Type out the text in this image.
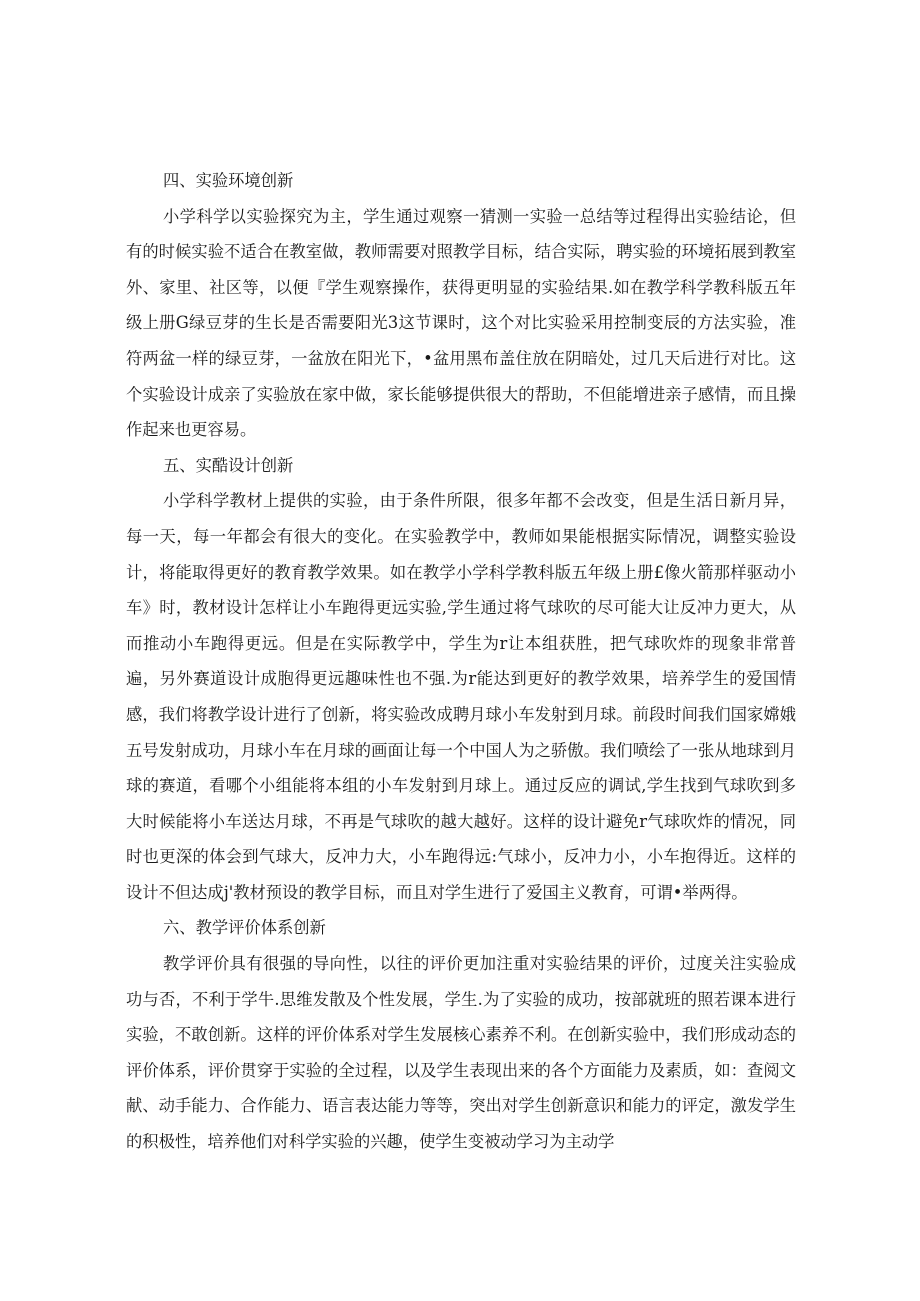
四、实验环境创新

小学科学以实验探究为主，学生通过观察一猜测一实验一总结等过程得出实验结论，但有的时候实验不适合在教室做，教师需要对照教学目标，结合实际，聘实验的环境拓展到教室外、家里、社区等，以便『学生观察操作，获得更明显的实验结果.如在教学科学教科版五年级上册G绿豆芽的生长是否需要阳光3这节课时，这个对比实验采用控制变辰的方法实验，准符两盆一样的绿豆芽，一盆放在阳光下，•盆用黑布盖住放在阴暗处，过几天后进行对比。这个实验设计成亲了实验放在家中做，家长能够提供很大的帮助，不但能增进亲子感情，而且操作起来也更容易。

五、实酷设计创新

小学科学教材上提供的实验，由于条件所限，很多年都不会改变，但是生活日新月异，每一天，每一年都会有很大的变化。在实验教学中，教师如果能根据实际情况，调整实验设计，将能取得更好的教育教学效果。如在教学小学科学教科版五年级上册£像火箭那样驱动小车》时，教材设计怎样让小车跑得更远实验,学生通过将气球吹的尽可能大让反冲力更大，从而推动小车跑得更远。但是在实际教学中，学生为r让本组获胜，把气球吹炸的现象非常普遍，另外赛道设计成胞得更远趣味性也不强.为r能达到更好的教学效果，培养学生的爱国情感，我们将教学设计进行了创新，将实验改成聘月球小车发射到月球。前段时间我们国家嫦娥五号发射成功，月球小车在月球的画面让每一个中国人为之骄傲。我们喷绘了一张从地球到月球的赛道，看哪个小组能将本组的小车发射到月球上。通过反应的调试,学生找到气球吹到多大时候能将小车送达月球，不再是气球吹的越大越好。这样的设计避免r气球吹炸的情况，同时也更深的体会到气球大，反冲力大，小车跑得远:气球小，反冲力小，小车抱得近。这样的设计不但达成j'教材预设的教学目标，而且对学生进行了爱国主义教育，可谓•举两得。

六、教学评价体系创新

教学评价具有很强的导向性，以往的评价更加注重对实验结果的评价，过度关注实验成功与否，不利于学牛.思维发散及个性发展，学生.为了实验的成功，按部就班的照若课本进行实验，不敢创新。这样的评价体系对学生发展核心素养不利。在创新实验中，我们形成动态的评价体系，评价贯穿于实验的全过程，以及学生表现出来的各个方面能力及素质，如：查阅文献、动手能力、合作能力、语言表达能力等等，突出对学生创新意识和能力的评定，激发学生的积极性，培养他们对科学实验的兴趣，使学生变被动学习为主动学
